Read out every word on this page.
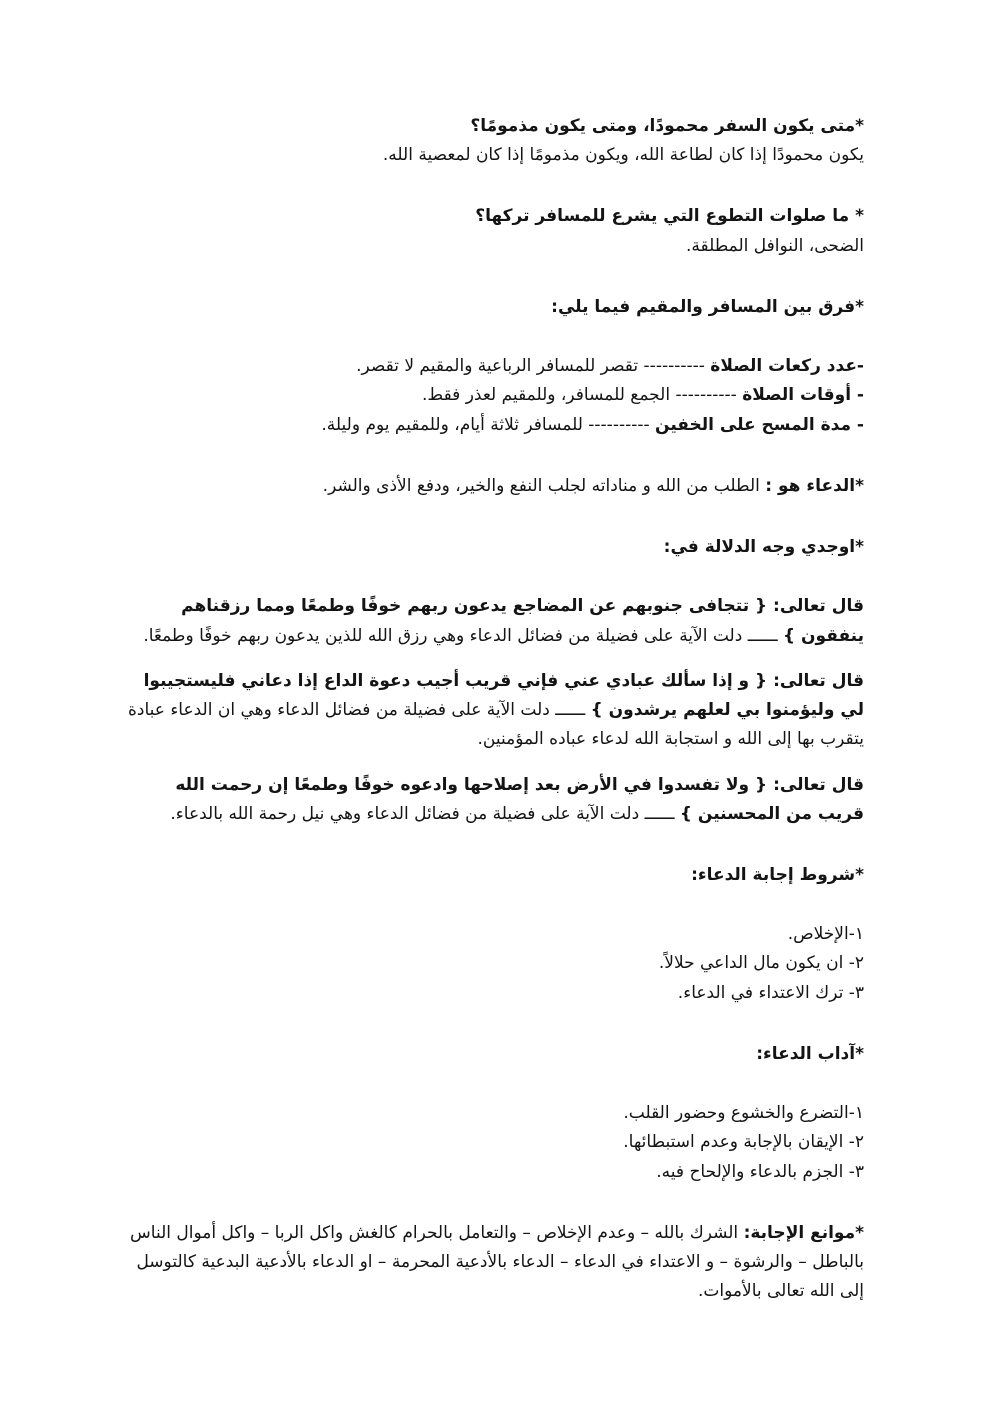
*متى يكون السفر محمودًا، ومتى يكون مذمومًا؟

يكون محمودًا إذا كان لطاعة الله، ويكون مذمومًا إذا كان لمعصية الله.

* ما صلوات التطوع التي يشرع للمسافر تركها؟

الضحى، النوافل المطلقة.

*فرق بين المسافر والمقيم فيما يلي:

-عدد ركعات الصلاة ---------- تقصر للمسافر الرباعية والمقيم لا تقصر.

- أوقات الصلاة ---------- الجمع للمسافر، وللمقيم لعذر فقط.

- مدة المسح على الخفين ---------- للمسافر ثلاثة أيام، وللمقيم يوم وليلة.

*الدعاء هو : الطلب من الله و مناداته لجلب النفع والخير، ودفع الأذى والشر.

*اوجدي وجه الدلالة في:

قال تعالى: { تتجافى جنوبهم عن المضاجع يدعون ربهم خوفًا وطمعًا ومما رزقناهم ينفقون } ــــــ دلت الآية على فضيلة من فضائل الدعاء وهي رزق الله للذين يدعون ربهم خوفًا وطمعًا.

قال تعالى: { و إذا سألك عبادي عني فإني قريب أجيب دعوة الداع إذا دعاني فليستجيبوا لي وليؤمنوا بي لعلهم يرشدون } ــــــ دلت الآية على فضيلة من فضائل الدعاء وهي ان الدعاء عبادة يتقرب بها إلى الله و استجابة الله لدعاء عباده المؤمنين.

قال تعالى: { ولا تفسدوا في الأرض بعد إصلاحها وادعوه خوفًا وطمعًا إن رحمت الله قريب من المحسنين } ــــــ دلت الآية على فضيلة من فضائل الدعاء وهي نيل رحمة الله بالدعاء.

*شروط إجابة الدعاء:

١-الإخلاص.

٢- ان يكون مال الداعي حلالاً.

٣- ترك الاعتداء في الدعاء.

*آداب الدعاء:

١-التضرع والخشوع وحضور القلب.

٢- الإيقان بالإجابة وعدم استبطائها.

٣- الجزم بالدعاء والإلحاح فيه.

*موانع الإجابة: الشرك بالله – وعدم الإخلاص – والتعامل بالحرام كالغش واكل الربا – واكل أموال الناس بالباطل – والرشوة – و الاعتداء في الدعاء – الدعاء بالأدعية المحرمة – او الدعاء بالأدعية البدعية كالتوسل إلى الله تعالى بالأموات.
